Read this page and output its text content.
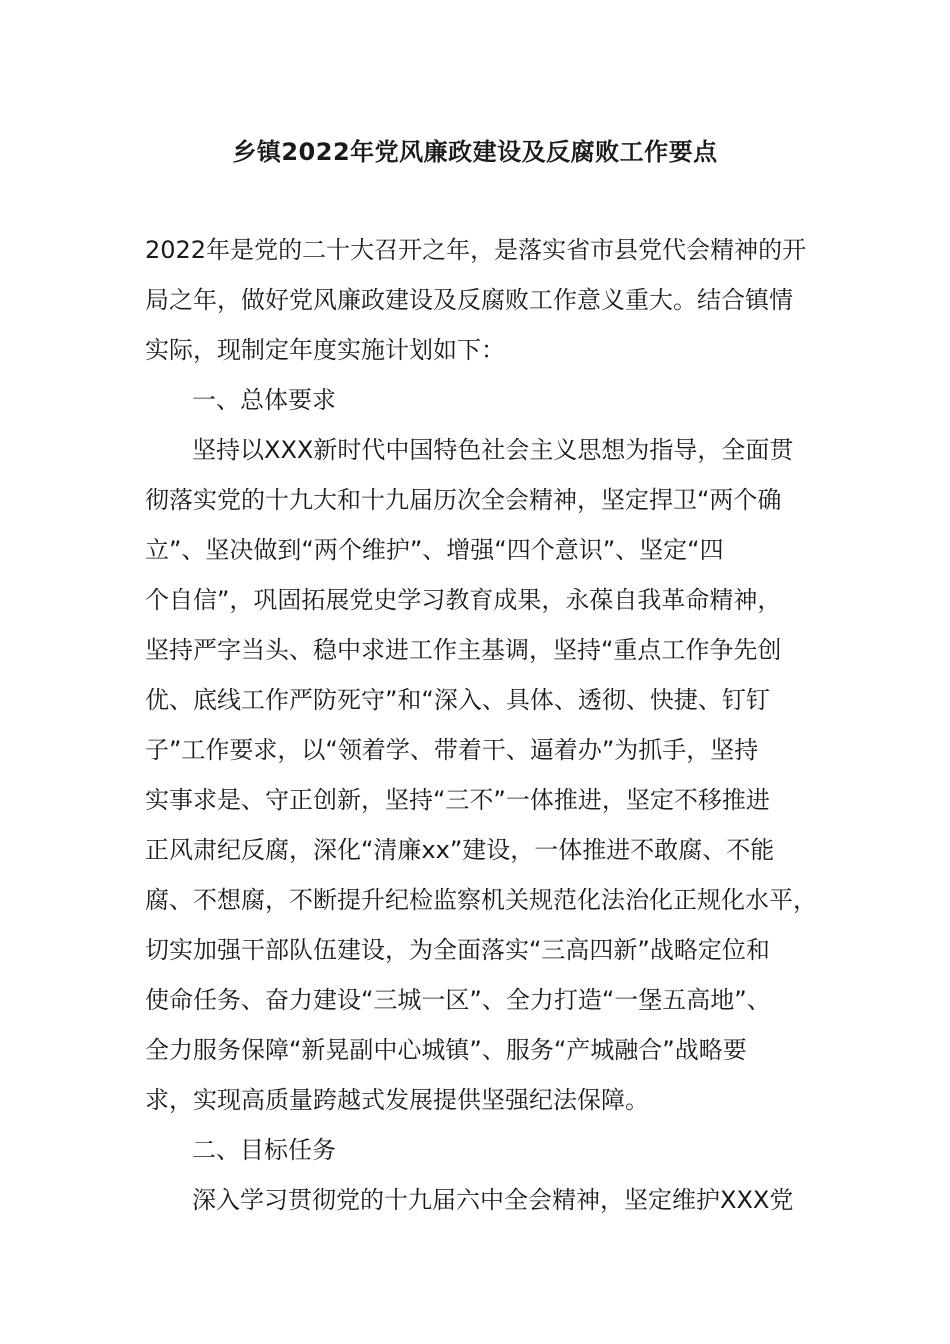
乡镇2022年党风廉政建设及反腐败工作要点

2022年是党的二十大召开之年，是落实省市县党代会精神的开

局之年，做好党风廉政建设及反腐败工作意义重大。结合镇情

实际，现制定年度实施计划如下：

一、总体要求

坚持以XXX新时代中国特色社会主义思想为指导，全面贯

彻落实党的十九大和十九届历次全会精神，坚定捍卫“两个确

立”、坚决做到“两个维护”、增强“四个意识”、坚定“四

个自信”，巩固拓展党史学习教育成果，永葆自我革命精神，

坚持严字当头、稳中求进工作主基调，坚持“重点工作争先创

优、底线工作严防死守”和“深入、具体、透彻、快捷、钉钉

子”工作要求，以“领着学、带着干、逼着办”为抓手，坚持

实事求是、守正创新，坚持“三不”一体推进，坚定不移推进

正风肃纪反腐，深化“清廉xx”建设，一体推进不敢腐、不能

腐、不想腐，不断提升纪检监察机关规范化法治化正规化水平，

切实加强干部队伍建设，为全面落实“三高四新”战略定位和

使命任务、奋力建设“三城一区”、全力打造“一堡五高地”、

全力服务保障“新晃副中心城镇”、服务“产城融合”战略要

求，实现高质量跨越式发展提供坚强纪法保障。

二、目标任务

深入学习贯彻党的十九届六中全会精神，坚定维护XXX党
